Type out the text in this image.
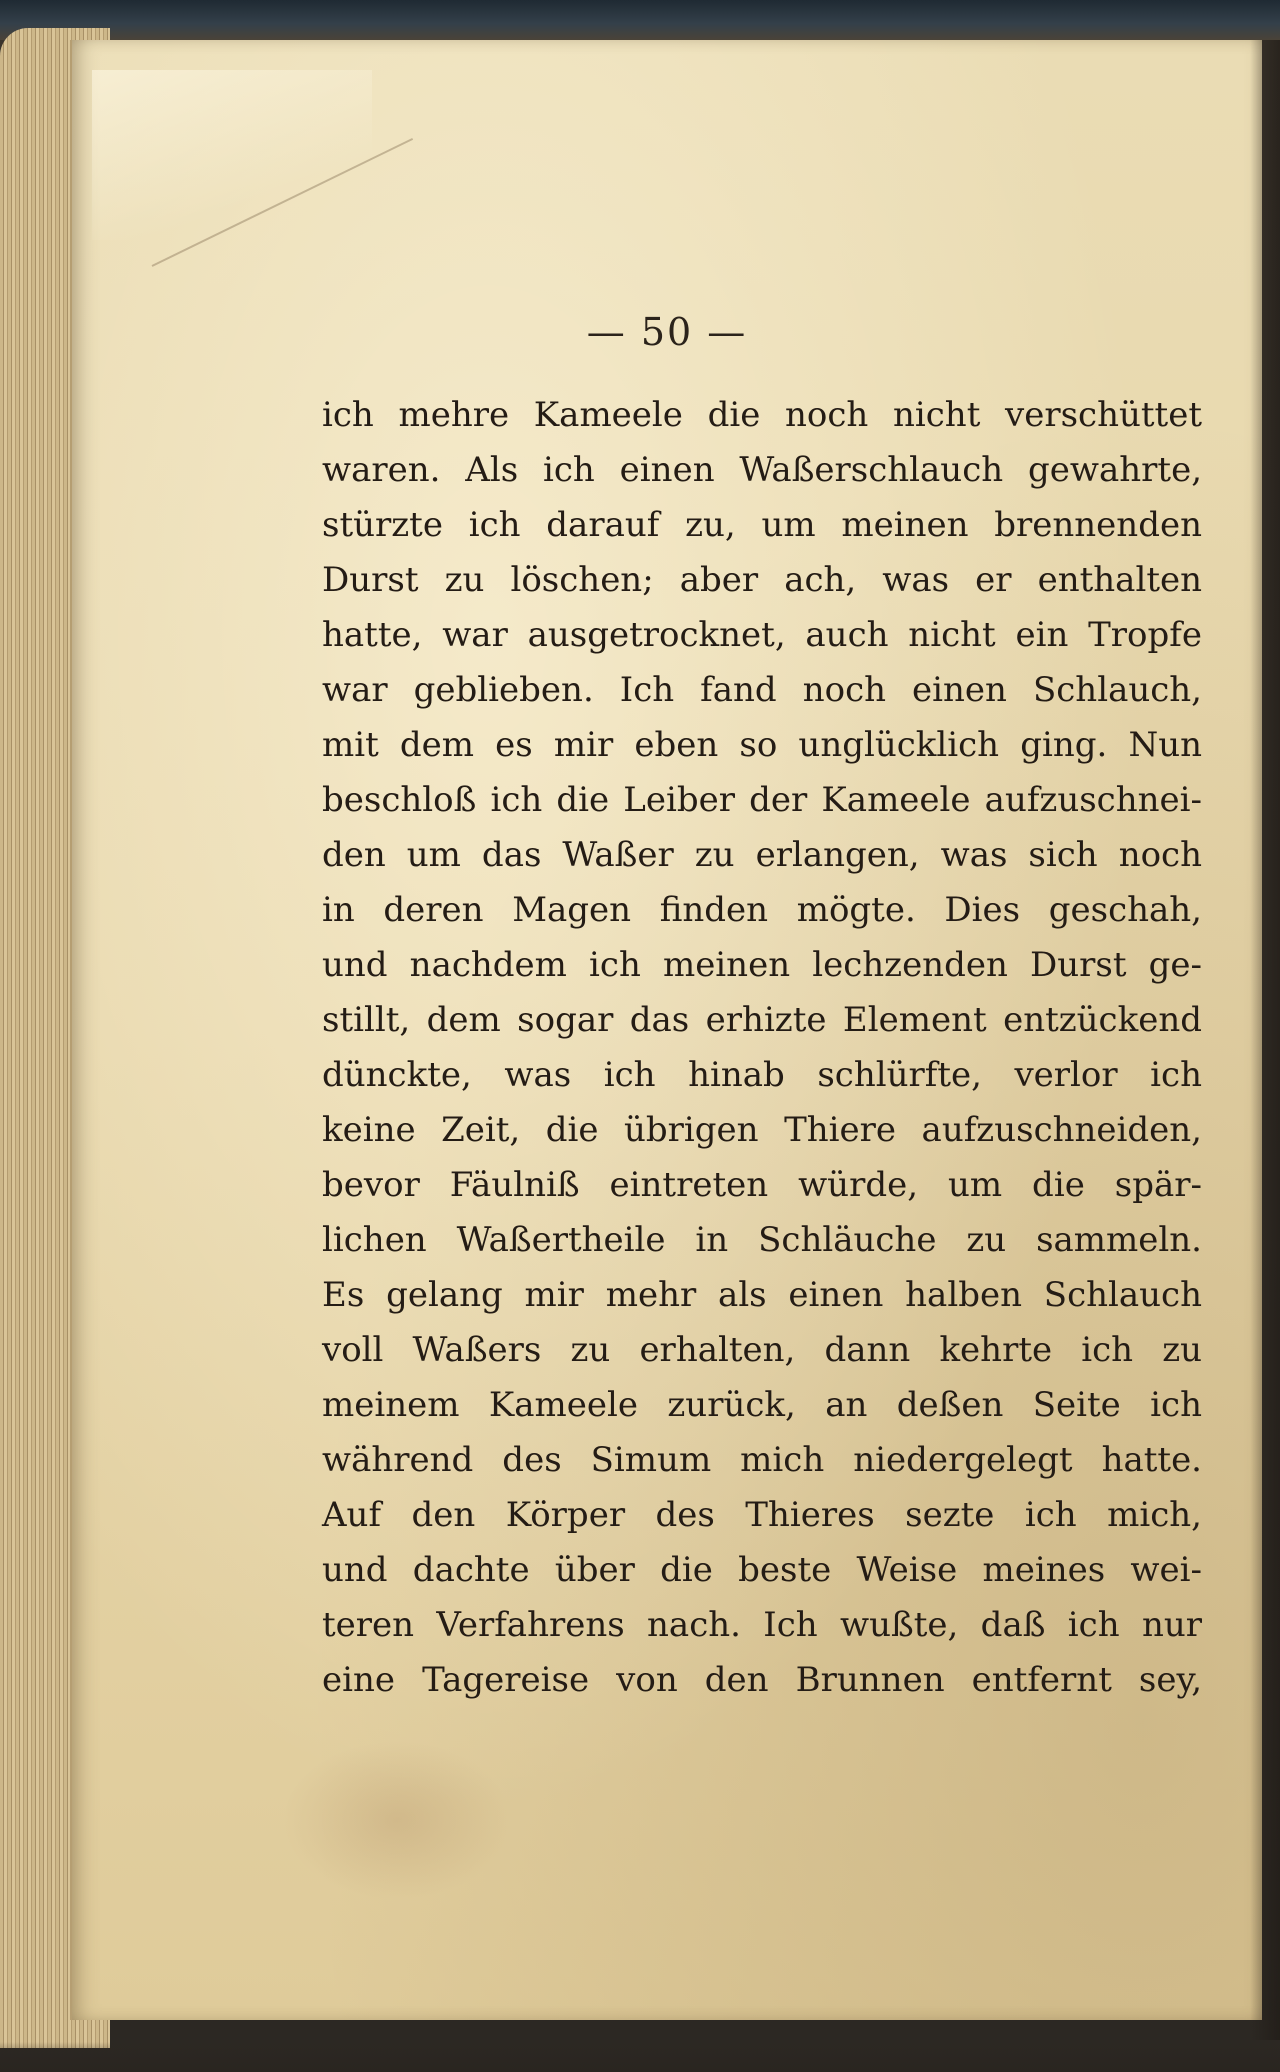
— 50 —
ich mehre Kameele die noch nicht verschüttet
waren. Als ich einen Waßerschlauch gewahrte,
stürzte ich darauf zu, um meinen brennenden
Durst zu löschen; aber ach, was er enthalten
hatte, war ausgetrocknet, auch nicht ein Tropfe
war geblieben. Ich fand noch einen Schlauch,
mit dem es mir eben so unglücklich ging. Nun
beschloß ich die Leiber der Kameele aufzuschnei-
den um das Waßer zu erlangen, was sich noch
in deren Magen finden mögte. Dies geschah,
und nachdem ich meinen lechzenden Durst ge-
stillt, dem sogar das erhizte Element entzückend
dünckte, was ich hinab schlürfte, verlor ich
keine Zeit, die übrigen Thiere aufzuschneiden,
bevor Fäulniß eintreten würde, um die spär-
lichen Waßertheile in Schläuche zu sammeln.
Es gelang mir mehr als einen halben Schlauch
voll Waßers zu erhalten, dann kehrte ich zu
meinem Kameele zurück, an deßen Seite ich
während des Simum mich niedergelegt hatte.
Auf den Körper des Thieres sezte ich mich,
und dachte über die beste Weise meines wei-
teren Verfahrens nach. Ich wußte, daß ich nur
eine Tagereise von den Brunnen entfernt sey,
